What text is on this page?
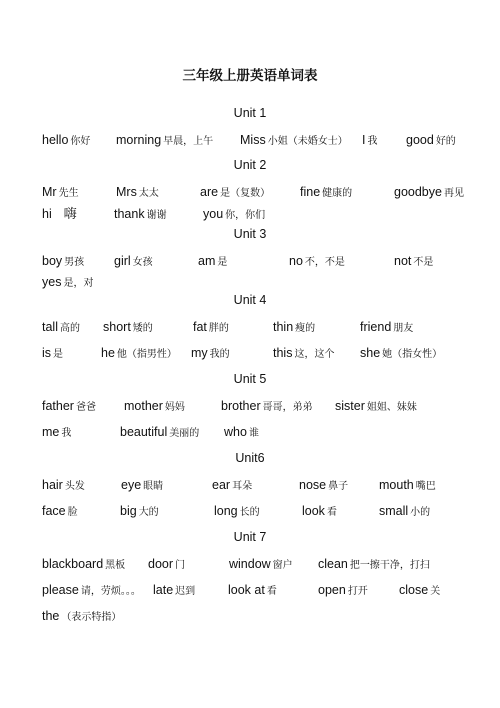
三年级上册英语单词表
Unit 1
hello 你好 morning 早晨，上午 Miss 小姐（未婚女士） I 我 good 好的
Unit 2
Mr 先生	Mrs 太太	are 是（复数） fine 健康的	goodbye 再见
hi 嗨	thank 谢谢	you 你，你们
Unit 3
boy 男孩 girl 女孩	am 是	no 不，不是	not 不是
yes 是，对
Unit 4
tall 高的 short 矮的	fat 胖的	thin 瘦的	friend 朋友
is 是	he 他（指男性） my 我的	this 这，这个 she 她（指女性）
Unit 5
father 爸爸 mother 妈妈	brother 哥哥，弟弟 sister 姐姐、妹妹
me 我	beautiful 美丽的 who 谁
Unit6
hair 头发	eye 眼睛	ear 耳朵	nose 鼻子 mouth 嘴巴
face 脸	big 大的	long 长的	look 看	small 小的
Unit 7
blackboard 黑板 door 门	window 窗户 clean 把一擦干净，打扫
please 请，劳烦。。。 late 迟到	look at 看	open 打开 close 关
the （表示特指）
